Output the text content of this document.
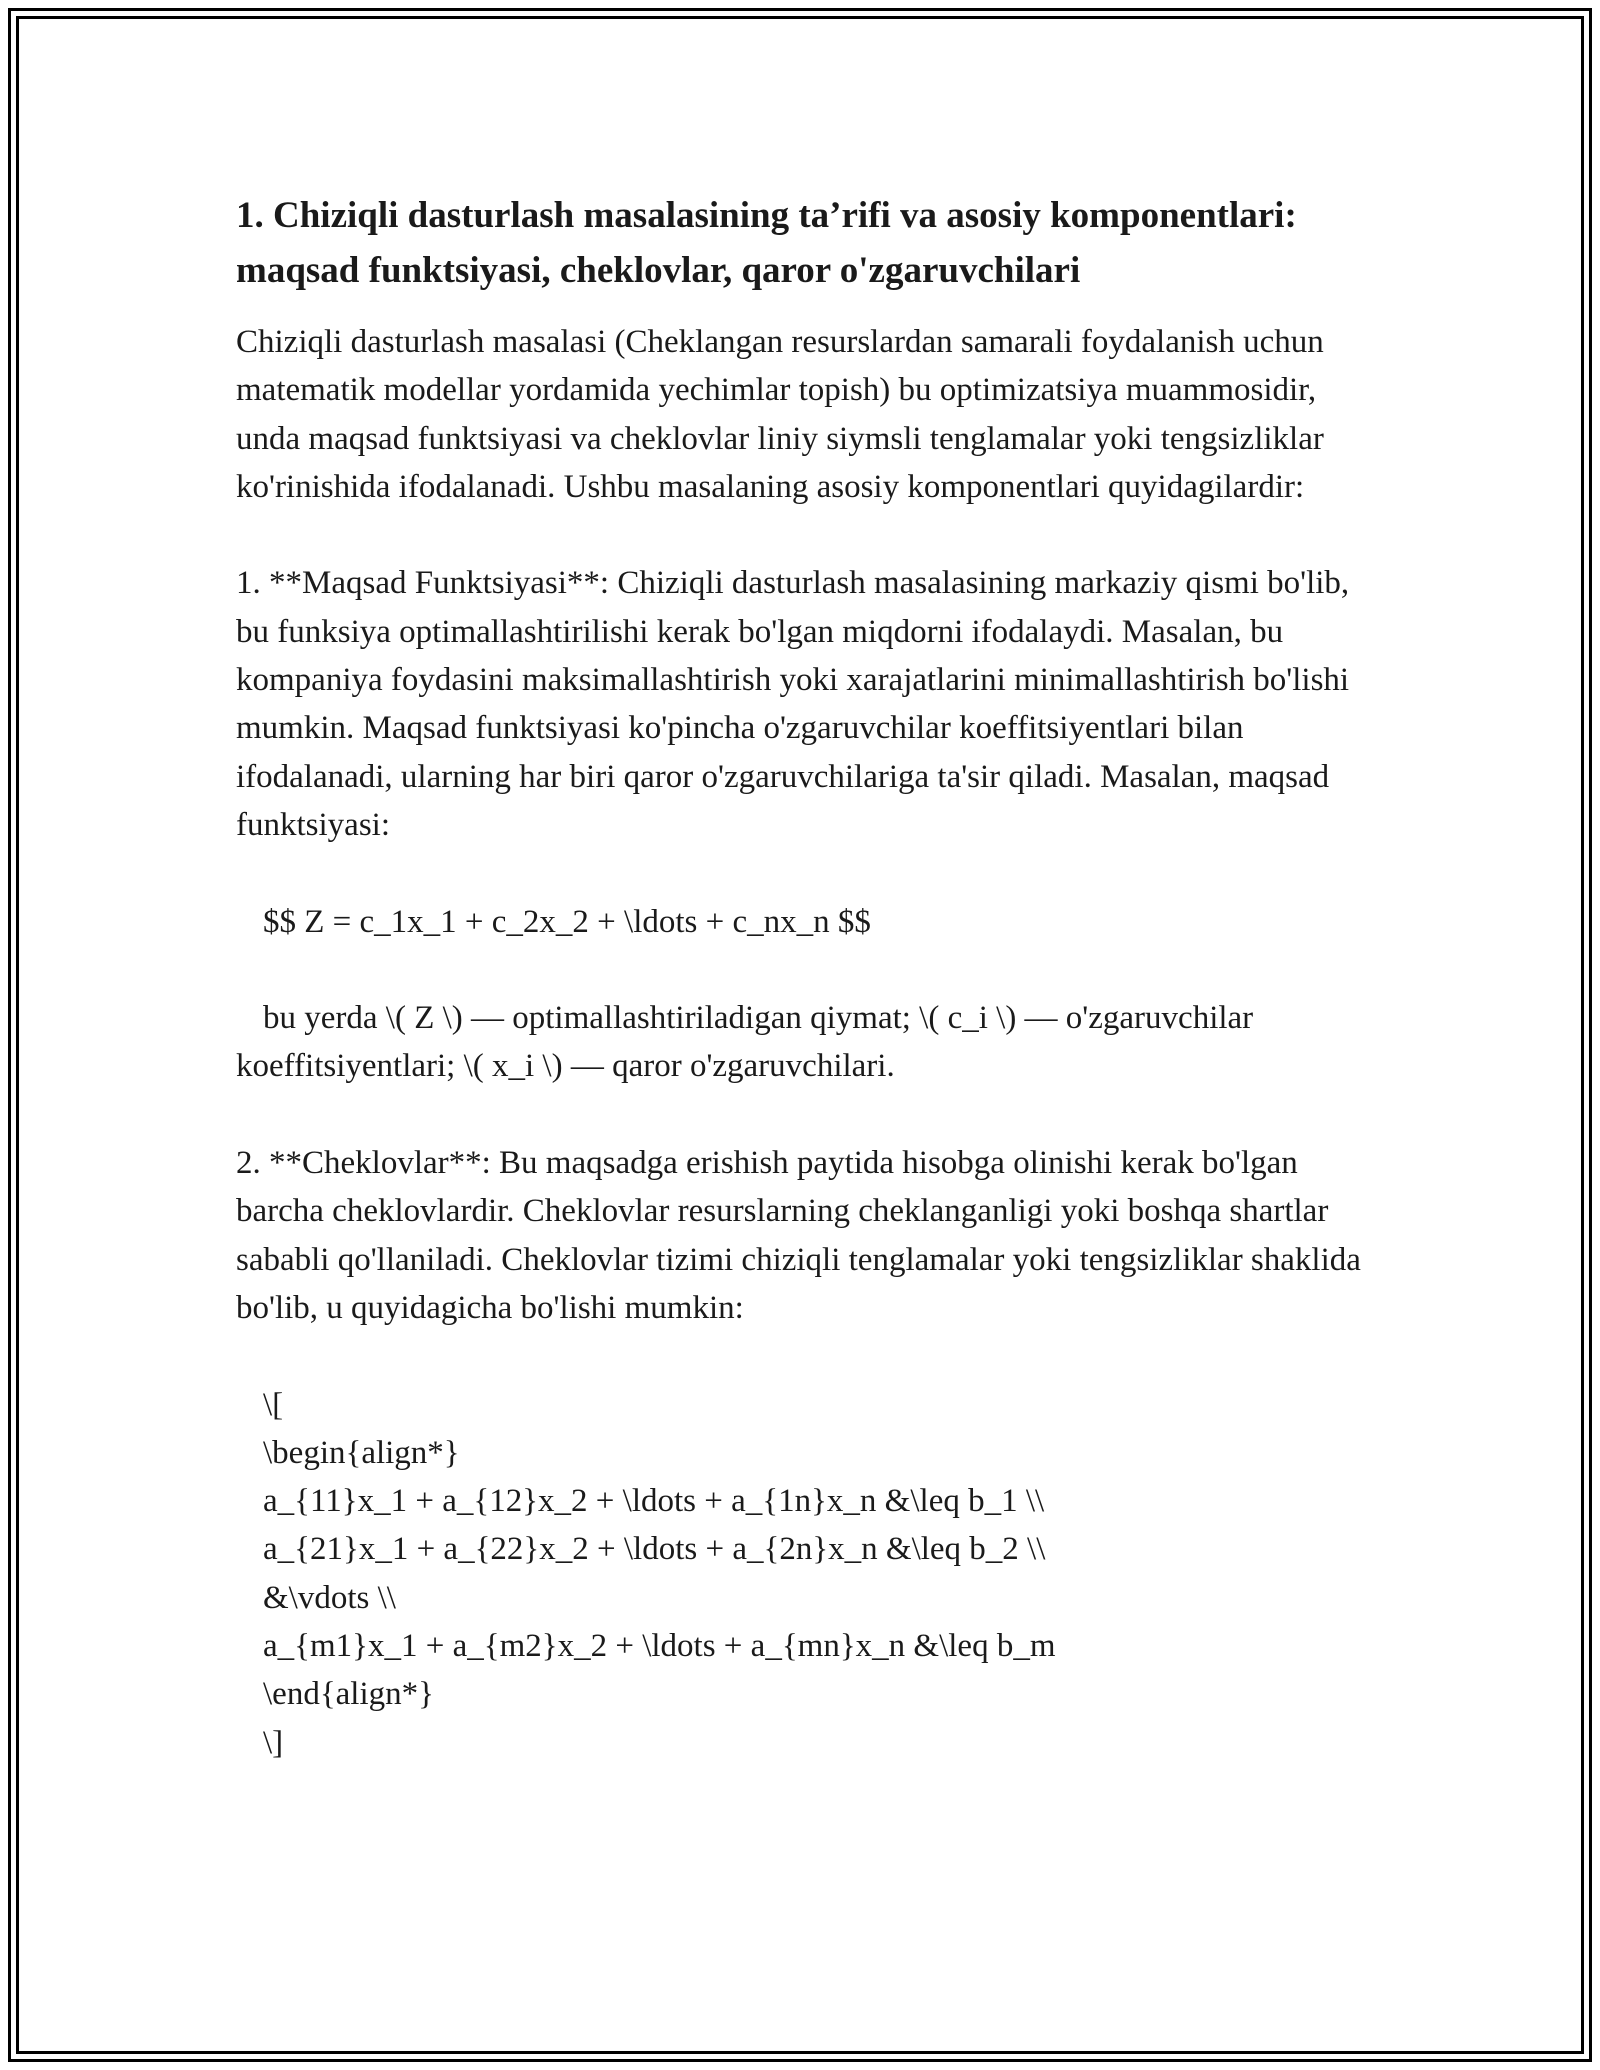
1. Chiziqli dasturlash masalasining ta’rifi va asosiy komponentlari: maqsad funktsiyasi, cheklovlar, qaror o'zgaruvchilari

Chiziqli dasturlash masalasi (Cheklangan resurslardan samarali foydalanish uchun matematik modellar yordamida yechimlar topish) bu optimizatsiya muammosidir, unda maqsad funktsiyasi va cheklovlar liniy siymsli tenglamalar yoki tengsizliklar ko'rinishida ifodalanadi. Ushbu masalaning asosiy komponentlari quyidagilardir:

1. **Maqsad Funktsiyasi**: Chiziqli dasturlash masalasining markaziy qismi bo'lib, bu funksiya optimallashtirilishi kerak bo'lgan miqdorni ifodalaydi. Masalan, bu kompaniya foydasini maksimallashtirish yoki xarajatlarini minimallashtirish bo'lishi mumkin. Maqsad funktsiyasi ko'pincha o'zgaruvchilar koeffitsiyentlari bilan ifodalanadi, ularning har biri qaror o'zgaruvchilariga ta'sir qiladi. Masalan, maqsad funktsiyasi:

$$ Z = c_1x_1 + c_2x_2 + \ldots + c_nx_n $$

bu yerda \( Z \) — optimallashtiriladigan qiymat; \( c_i \) — o'zgaruvchilar koeffitsiyentlari; \( x_i \) — qaror o'zgaruvchilari.

2. **Cheklovlar**: Bu maqsadga erishish paytida hisobga olinishi kerak bo'lgan barcha cheklovlardir. Cheklovlar resurslarning cheklanganligi yoki boshqa shartlar sababli qo'llaniladi. Cheklovlar tizimi chiziqli tenglamalar yoki tengsizliklar shaklida bo'lib, u quyidagicha bo'lishi mumkin:

\[
\begin{align*}
a_{11}x_1 + a_{12}x_2 + \ldots + a_{1n}x_n &\leq b_1 \\
a_{21}x_1 + a_{22}x_2 + \ldots + a_{2n}x_n &\leq b_2 \\
&\vdots \\
a_{m1}x_1 + a_{m2}x_2 + \ldots + a_{mn}x_n &\leq b_m
\end{align*}
\]
